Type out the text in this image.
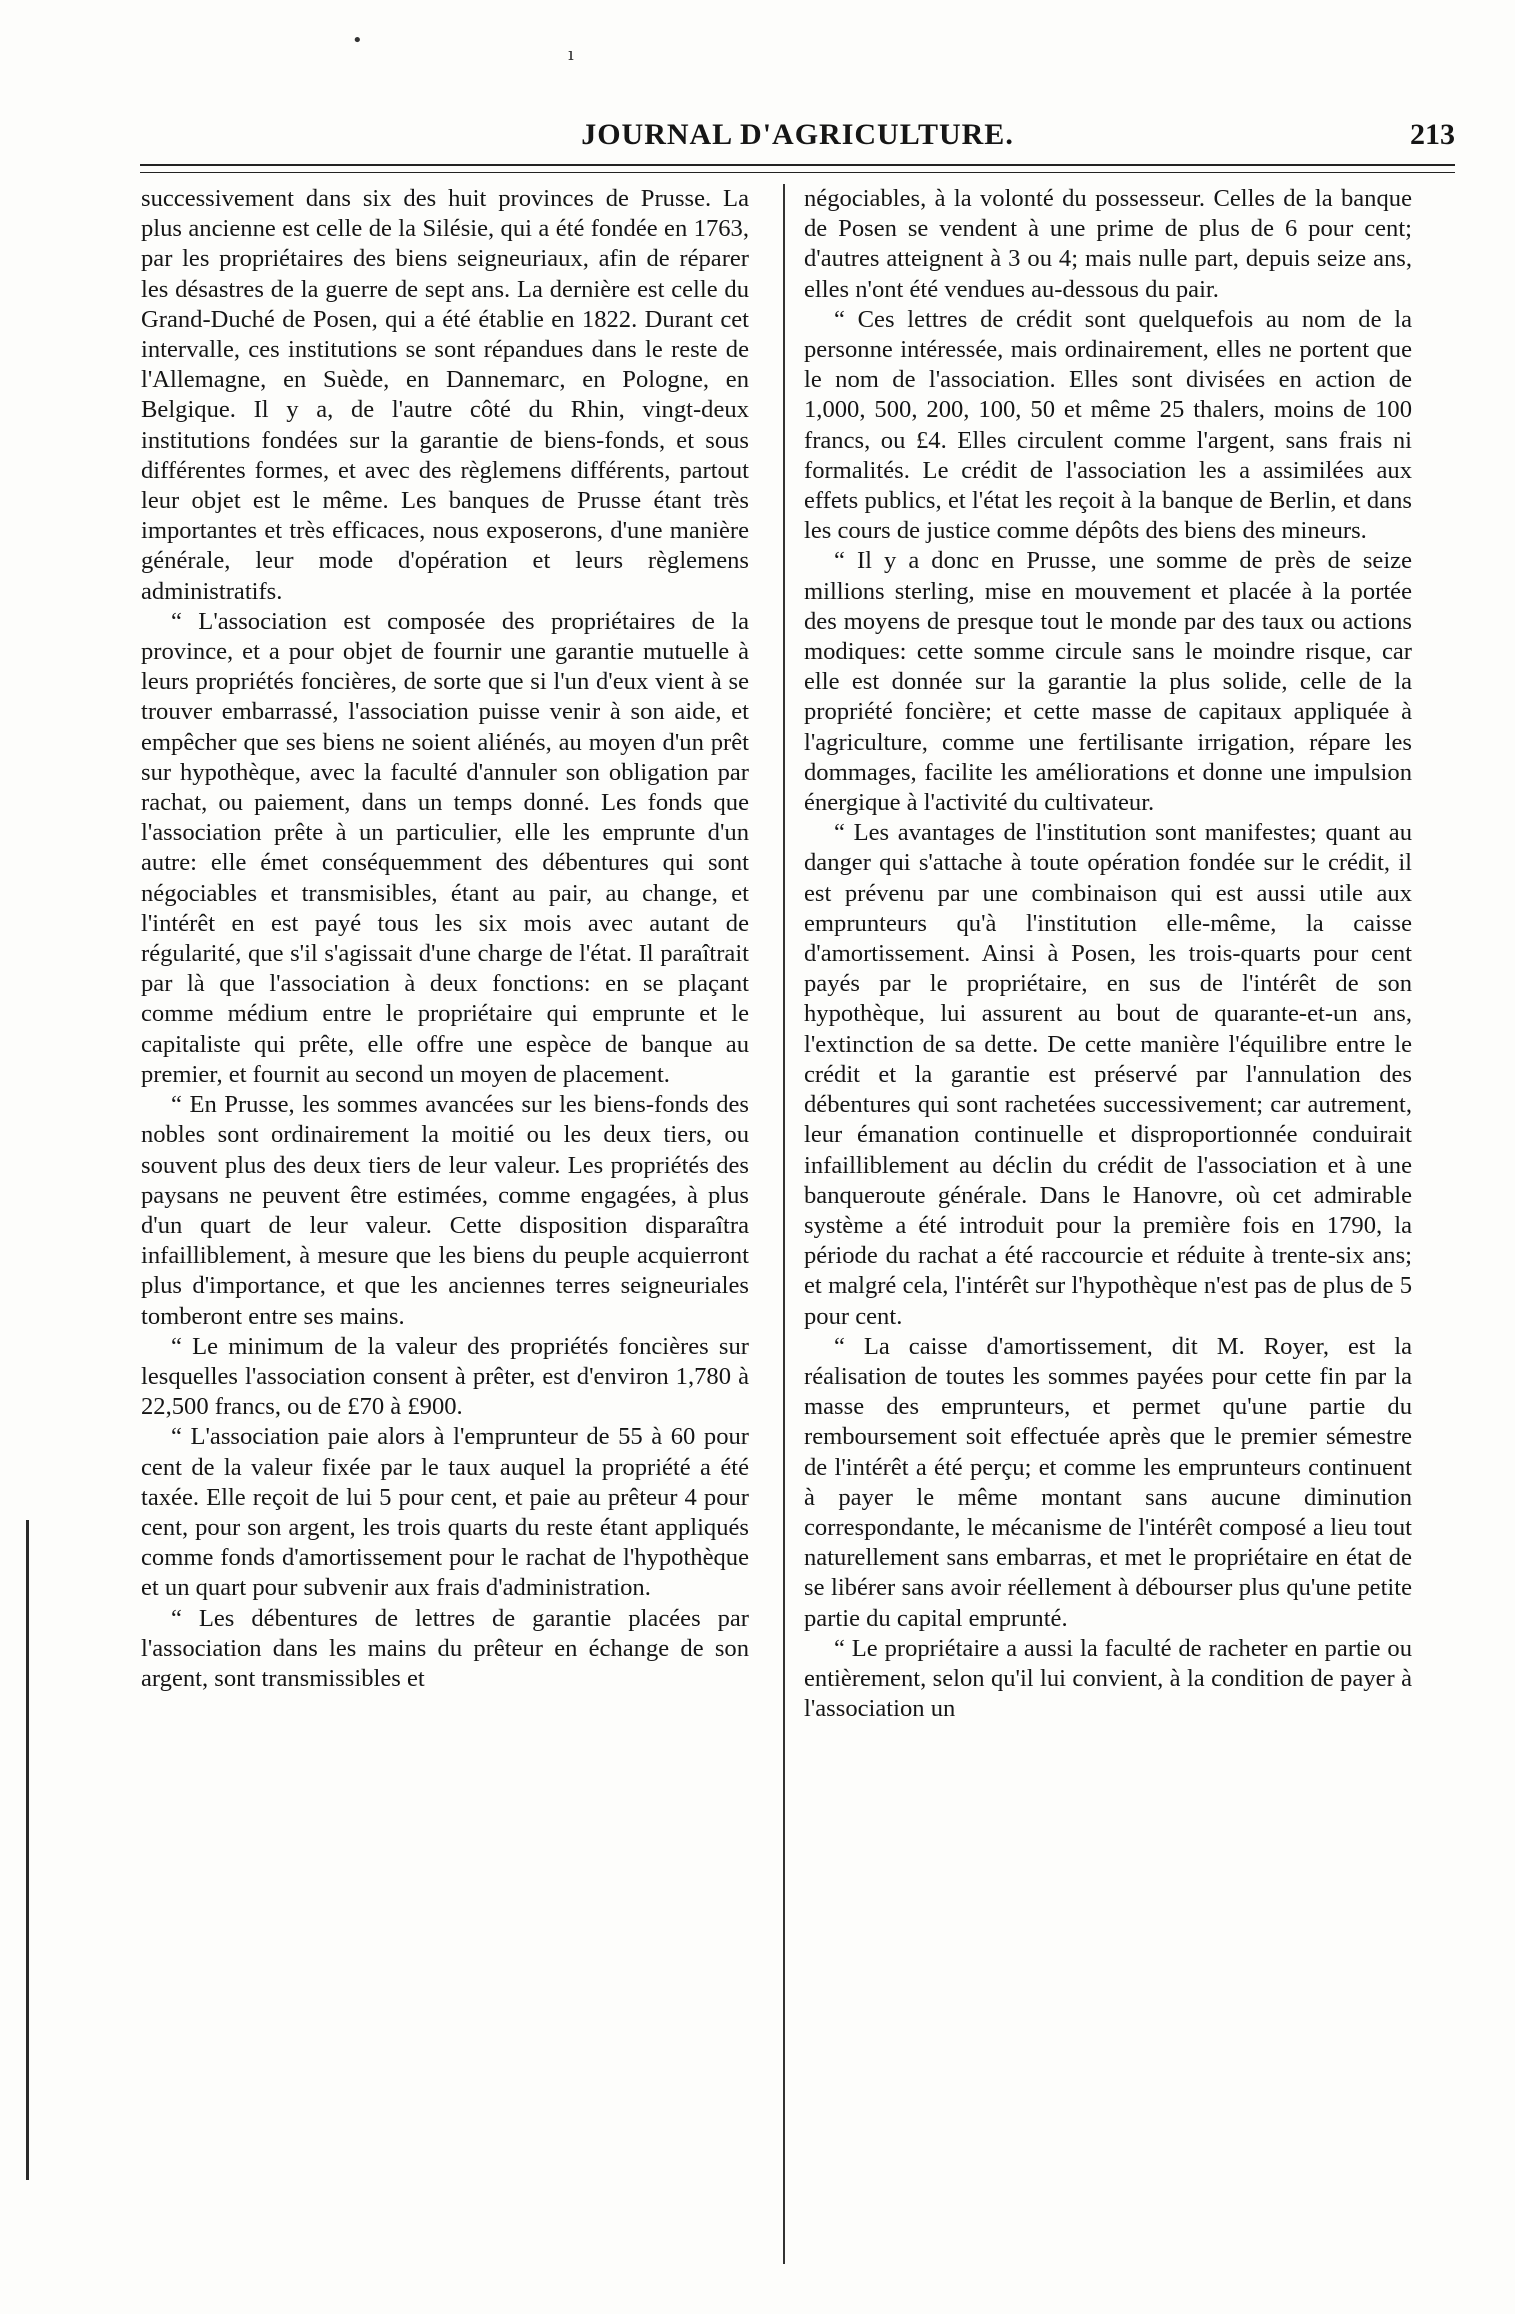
JOURNAL D'AGRICULTURE.	213

successivement dans six des huit provinces de Prusse. La plus ancienne est celle de la Silésie, qui a été fondée en 1763, par les propriétaires des biens seigneuriaux, afin de réparer les désastres de la guerre de sept ans. La dernière est celle du Grand-Duché de Posen, qui a été établie en 1822. Durant cet intervalle, ces institutions se sont répandues dans le reste de l'Allemagne, en Suède, en Dannemarc, en Pologne, en Belgique. Il y a, de l'autre côté du Rhin, vingt-deux institutions fondées sur la garantie de biens-fonds, et sous différentes formes, et avec des règlemens différents, partout leur objet est le même. Les banques de Prusse étant très importantes et très efficaces, nous exposerons, d'une manière générale, leur mode d'opération et leurs règlemens administratifs.

“ L'association est composée des propriétaires de la province, et a pour objet de fournir une garantie mutuelle à leurs propriétés foncières, de sorte que si l'un d'eux vient à se trouver embarrassé, l'association puisse venir à son aide, et empêcher que ses biens ne soient aliénés, au moyen d'un prêt sur hypothèque, avec la faculté d'annuler son obligation par rachat, ou paiement, dans un temps donné. Les fonds que l'association prête à un particulier, elle les emprunte d'un autre: elle émet conséquemment des débentures qui sont négociables et transmisibles, étant au pair, au change, et l'intérêt en est payé tous les six mois avec autant de régularité, que s'il s'agissait d'une charge de l'état. Il paraîtrait par là que l'association à deux fonctions: en se plaçant comme médium entre le propriétaire qui emprunte et le capitaliste qui prête, elle offre une espèce de banque au premier, et fournit au second un moyen de placement.

“ En Prusse, les sommes avancées sur les biens-fonds des nobles sont ordinairement la moitié ou les deux tiers, ou souvent plus des deux tiers de leur valeur. Les propriétés des paysans ne peuvent être estimées, comme engagées, à plus d'un quart de leur valeur. Cette disposition disparaîtra infailliblement, à mesure que les biens du peuple acquierront plus d'importance, et que les anciennes terres seigneuriales tomberont entre ses mains.

“ Le minimum de la valeur des propriétés foncières sur lesquelles l'association consent à prêter, est d'environ 1,780 à 22,500 francs, ou de £70 à £900.

“ L'association paie alors à l'emprunteur de 55 à 60 pour cent de la valeur fixée par le taux auquel la propriété a été taxée. Elle reçoit de lui 5 pour cent, et paie au prêteur 4 pour cent, pour son argent, les trois quarts du reste étant appliqués comme fonds d'amortissement pour le rachat de l'hypothèque et un quart pour subvenir aux frais d'administration.

“ Les débentures de lettres de garantie placées par l'association dans les mains du prêteur en échange de son argent, sont transmissibles et

négociables, à la volonté du possesseur. Celles de la banque de Posen se vendent à une prime de plus de 6 pour cent; d'autres atteignent à 3 ou 4; mais nulle part, depuis seize ans, elles n'ont été vendues au-dessous du pair.

“ Ces lettres de crédit sont quelquefois au nom de la personne intéressée, mais ordinairement, elles ne portent que le nom de l'association. Elles sont divisées en action de 1,000, 500, 200, 100, 50 et même 25 thalers, moins de 100 francs, ou £4. Elles circulent comme l'argent, sans frais ni formalités. Le crédit de l'association les a assimilées aux effets publics, et l'état les reçoit à la banque de Berlin, et dans les cours de justice comme dépôts des biens des mineurs.

“ Il y a donc en Prusse, une somme de près de seize millions sterling, mise en mouvement et placée à la portée des moyens de presque tout le monde par des taux ou actions modiques: cette somme circule sans le moindre risque, car elle est donnée sur la garantie la plus solide, celle de la propriété foncière; et cette masse de capitaux appliquée à l'agriculture, comme une fertilisante irrigation, répare les dommages, facilite les améliorations et donne une impulsion énergique à l'activité du cultivateur.

“ Les avantages de l'institution sont manifestes; quant au danger qui s'attache à toute opération fondée sur le crédit, il est prévenu par une combinaison qui est aussi utile aux emprunteurs qu'à l'institution elle-même, la caisse d'amortissement. Ainsi à Posen, les trois-quarts pour cent payés par le propriétaire, en sus de l'intérêt de son hypothèque, lui assurent au bout de quarante-et-un ans, l'extinction de sa dette. De cette manière l'équilibre entre le crédit et la garantie est préservé par l'annulation des débentures qui sont rachetées successivement; car autrement, leur émanation continuelle et disproportionnée conduirait infailliblement au déclin du crédit de l'association et à une banqueroute générale. Dans le Hanovre, où cet admirable système a été introduit pour la première fois en 1790, la période du rachat a été raccourcie et réduite à trente-six ans; et malgré cela, l'intérêt sur l'hypothèque n'est pas de plus de 5 pour cent.

“ La caisse d'amortissement, dit M. Royer, est la réalisation de toutes les sommes payées pour cette fin par la masse des emprunteurs, et permet qu'une partie du remboursement soit effectuée après que le premier sémestre de l'intérêt a été perçu; et comme les emprunteurs continuent à payer le même montant sans aucune diminution correspondante, le mécanisme de l'intérêt composé a lieu tout naturellement sans embarras, et met le propriétaire en état de se libérer sans avoir réellement à débourser plus qu'une petite partie du capital emprunté.

“ Le propriétaire a aussi la faculté de racheter en partie ou entièrement, selon qu'il lui convient, à la condition de payer à l'association un

•
ı
